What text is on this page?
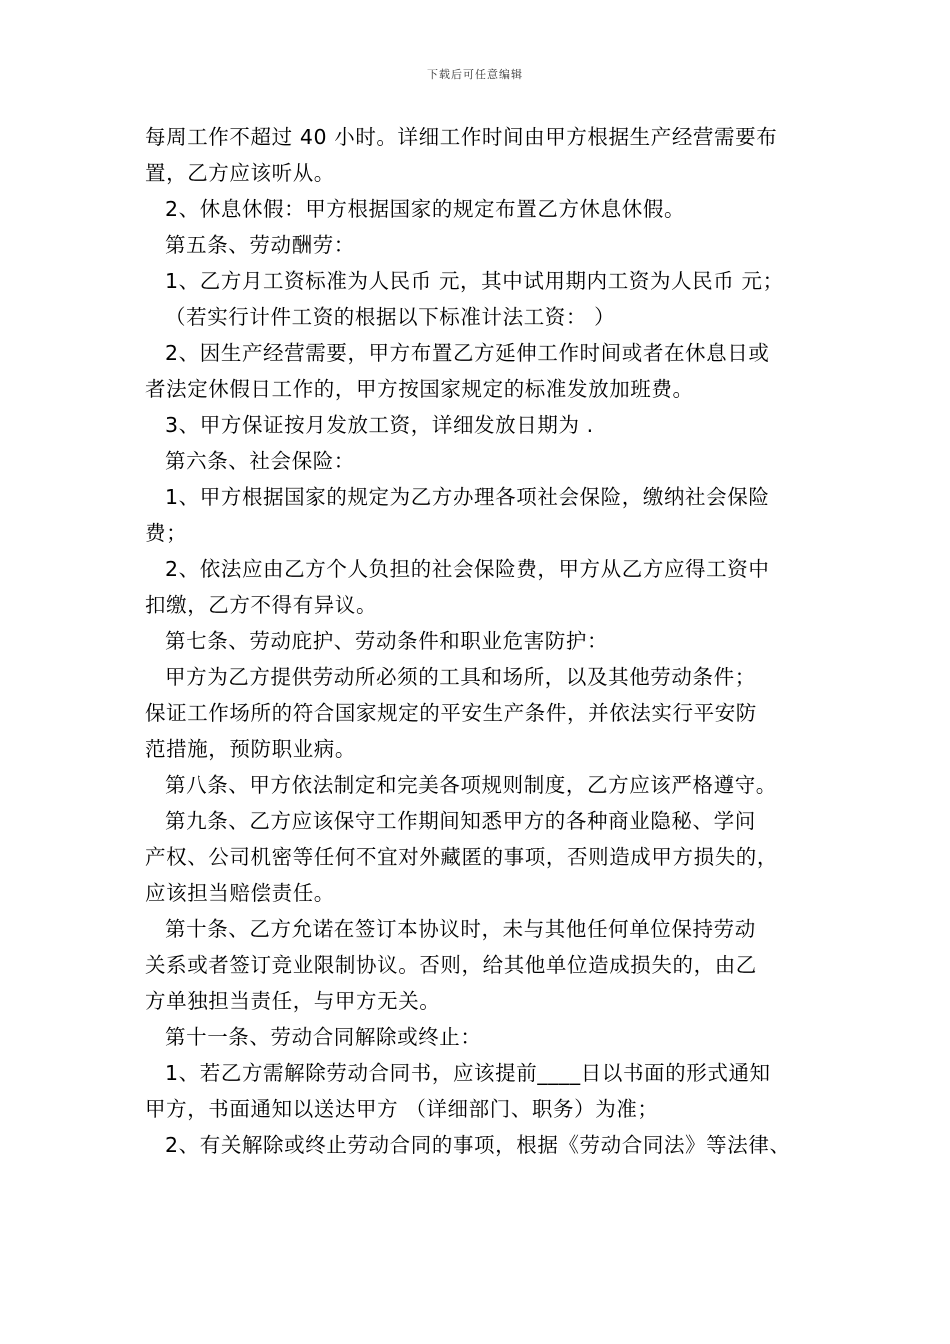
下载后可任意编辑
每周工作不超过 40 小时。详细工作时间由甲方根据生产经营需要布
置，乙方应该听从。
2、休息休假：甲方根据国家的规定布置乙方休息休假。
第五条、劳动酬劳：
1、乙方月工资标准为人民币 元，其中试用期内工资为人民币 元；
（若实行计件工资的根据以下标准计法工资： ）
2、因生产经营需要，甲方布置乙方延伸工作时间或者在休息日或
者法定休假日工作的，甲方按国家规定的标准发放加班费。
3、甲方保证按月发放工资，详细发放日期为 .
第六条、社会保险：
1、甲方根据国家的规定为乙方办理各项社会保险，缴纳社会保险
费；
2、依法应由乙方个人负担的社会保险费，甲方从乙方应得工资中
扣缴，乙方不得有异议。
第七条、劳动庇护、劳动条件和职业危害防护：
甲方为乙方提供劳动所必须的工具和场所，以及其他劳动条件；
保证工作场所的符合国家规定的平安生产条件，并依法实行平安防
范措施，预防职业病。
第八条、甲方依法制定和完美各项规则制度，乙方应该严格遵守。
第九条、乙方应该保守工作期间知悉甲方的各种商业隐秘、学问
产权、公司机密等任何不宜对外藏匿的事项，否则造成甲方损失的，
应该担当赔偿责任。
第十条、乙方允诺在签订本协议时，未与其他任何单位保持劳动
关系或者签订竞业限制协议。否则，给其他单位造成损失的，由乙
方单独担当责任，与甲方无关。
第十一条、劳动合同解除或终止：
1、若乙方需解除劳动合同书，应该提前____日以书面的形式通知
甲方，书面通知以送达甲方 （详细部门、职务）为准；
2、有关解除或终止劳动合同的事项，根据《劳动合同法》等法律、
